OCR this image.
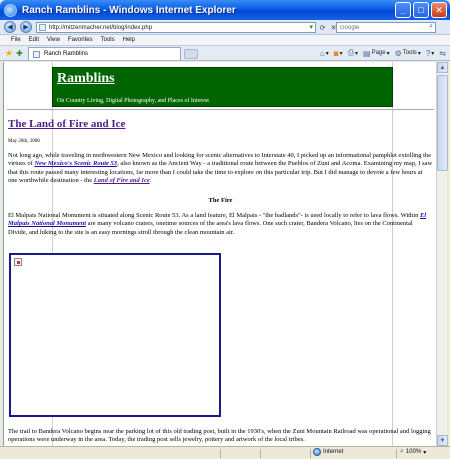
Ranch Ramblins - Windows Internet Explorer	_	□	✕
◀ ▶	http://mitzenmacher.net/blog/index.php	▾ ⟳ ✕
Google	⌕
File	Edit	View	Favorites	Tools	Help
★ ✚	Ranch Ramblins	⌂ ▾ ◙ ▾ ⎙ ▾ ▤ Page ▾ ⚙ Tools ▾ ? ▾ ⇋
Ramblins
On Country Living, Digital Photography, and Places of Interest
The Land of Fire and Ice
May 20th, 2008

Not long ago, while traveling in northwestern New Mexico and looking for scenic alternatives to Interstate 40, I picked up an informational pamphlet extolling the virtues of New Mexico's Scenic Route 53, also known as the Ancient Way - a traditional route between the Pueblos of Zuni and Acoma. Examining my map, I saw that this route passed many interesting locations, far more than I could take the time to explore on this particular trip. But I did manage to devote a few hours at one worthwhile destination - the Land of Fire and Ice.

The Fire

El Malpais National Monument is situated along Scenic Route 53. As a land feature, El Malpais - "the badlands"- is used locally to refer to lava flows. Within El Malpais National Monument are many volcano craters, onetime sources of the area's lava flows. One such crater, Bandera Volcano, lies on the Continental Divide, and hiking to the site is an easy mornings stroll through the clean mountain air.

The trail to Bandera Volcano begins near the parking lot of this old trading post, built in the 1930's, when the Zuni Mountain Railroad was operational and logging operations were underway in the area. Today, the trading post sells jewelry, pottery and artwork of the local tribes.

▲
▼
Internet	⌕ 100% ▾
